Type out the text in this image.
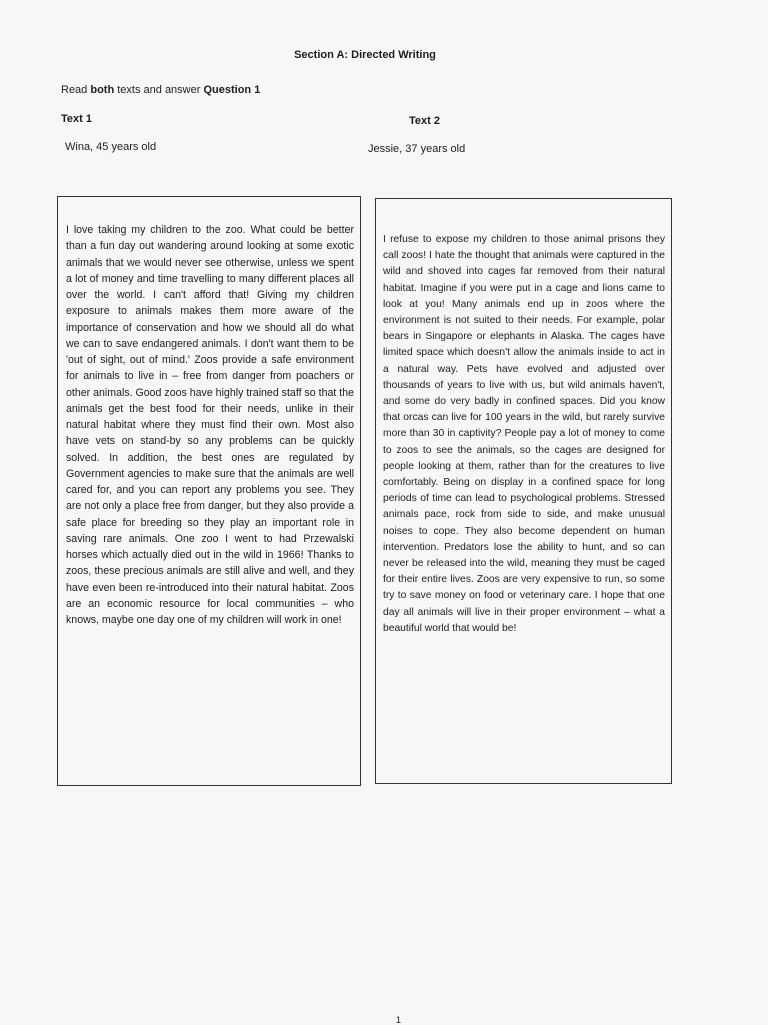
Section A: Directed Writing
Read both texts and answer Question 1
Text 1	Text 2
Wina, 45 years old	Jessie, 37 years old

I love taking my children to the zoo. What could be better than a fun day out wandering around looking at some exotic animals that we would never see otherwise, unless we spent a lot of money and time travelling to many different places all over the world. I can't afford that! Giving my children exposure to animals makes them more aware of the importance of conservation and how we should all do what we can to save endangered animals. I don't want them to be 'out of sight, out of mind.' Zoos provide a safe environment for animals to live in – free from danger from poachers or other animals. Good zoos have highly trained staff so that the animals get the best food for their needs, unlike in their natural habitat where they must find their own. Most also have vets on stand-by so any problems can be quickly solved. In addition, the best ones are regulated by Government agencies to make sure that the animals are well cared for, and you can report any problems you see. They are not only a place free from danger, but they also provide a safe place for breeding so they play an important role in saving rare animals. One zoo I went to had Przewalski horses which actually died out in the wild in 1966! Thanks to zoos, these precious animals are still alive and well, and they have even been re-introduced into their natural habitat. Zoos are an economic resource for local communities – who knows, maybe one day one of my children will work in one!

I refuse to expose my children to those animal prisons they call zoos! I hate the thought that animals were captured in the wild and shoved into cages far removed from their natural habitat. Imagine if you were put in a cage and lions came to look at you! Many animals end up in zoos where the environment is not suited to their needs. For example, polar bears in Singapore or elephants in Alaska. The cages have limited space which doesn't allow the animals inside to act in a natural way. Pets have evolved and adjusted over thousands of years to live with us, but wild animals haven't, and some do very badly in confined spaces. Did you know that orcas can live for 100 years in the wild, but rarely survive more than 30 in captivity? People pay a lot of money to come to zoos to see the animals, so the cages are designed for people looking at them, rather than for the creatures to live comfortably. Being on display in a confined space for long periods of time can lead to psychological problems. Stressed animals pace, rock from side to side, and make unusual noises to cope. They also become dependent on human intervention. Predators lose the ability to hunt, and so can never be released into the wild, meaning they must be caged for their entire lives. Zoos are very expensive to run, so some try to save money on food or veterinary care. I hope that one day all animals will live in their proper environment – what a beautiful world that would be!

1
